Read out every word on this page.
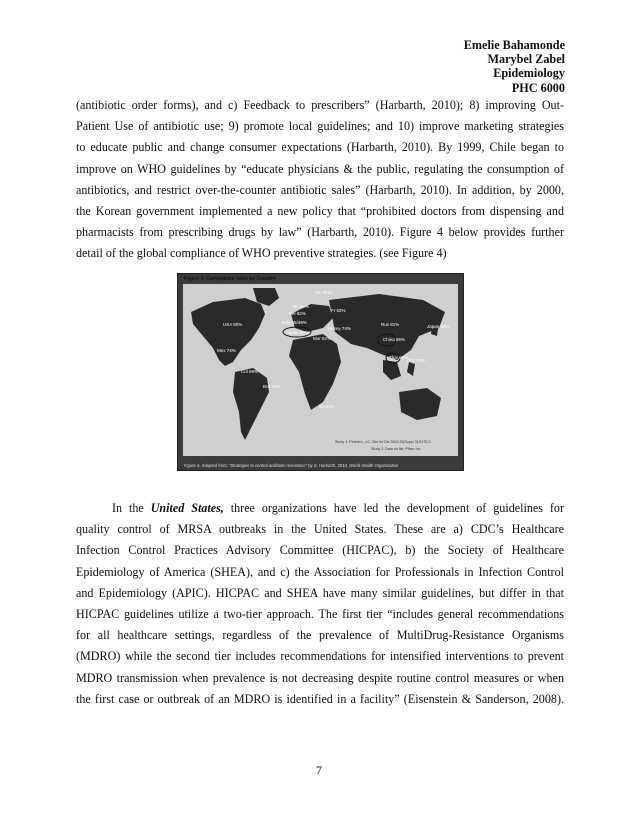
Emelie Bahamonde
Marybel Zabel
Epidemiology
PHC 6000
(antibiotic order forms), and c) Feedback to prescribers” (Harbarth, 2010); 8) improving Out-
Patient Use of antibiotic use; 9) promote local guidelines; and 10) improve marketing strategies
to educate public and change consumer expectations (Harbarth, 2010). By 1999, Chile began to
improve on WHO guidelines by “educate physicians & the public, regulating the consumption of
antibiotics, and restrict over-the-counter antibiotic sales” (Harbarth, 2010). In addition, by 2000,
the Korean government implemented a new policy that “prohibited doctors from dispensing and
pharmacists from prescribing drugs by law” (Harbarth, 2010). Figure 4 below provides further
detail of the global compliance of WHO preventive strategies. (see Figure 4)
Figure 4. Compliance rates by Country
UK 90%
NL 90%
Bel 82%
Fr 82%
USA 80%	Italy 66/49%
Spain 56%
Turkey 74%
Mor 62%
Rus 81%	Japan 86%
China 86%
Thai 68%
Phil 74%
Mex 74%
Col 59%
Bra 76%
SA 82%
Study 1: Pechere, J.C. Clin Inf Dis 2001;33(Suppl 3):S170-3
Study 2: Data on file. Pfizer Inc.
Figure 4. Adapted from: “Strategies to control antibiotic resistance” by S. Harbarth, 2010, World Health Organization
In the United States, three organizations have led the development of guidelines for
quality control of MRSA outbreaks in the United States. These are a) CDC’s Healthcare
Infection Control Practices Advisory Committee (HICPAC), b) the Society of Healthcare
Epidemiology of America (SHEA), and c) the Association for Professionals in Infection Control
and Epidemiology (APIC). HICPAC and SHEA have many similar guidelines, but differ in that
HICPAC guidelines utilize a two-tier approach. The first tier “includes general recommendations
for all healthcare settings, regardless of the prevalence of MultiDrug-Resistance Organisms
(MDRO) while the second tier includes recommendations for intensified interventions to prevent
MDRO transmission when prevalence is not decreasing despite routine control measures or when
the first case or outbreak of an MDRO is identified in a facility” (Eisenstein & Sanderson, 2008).
7
